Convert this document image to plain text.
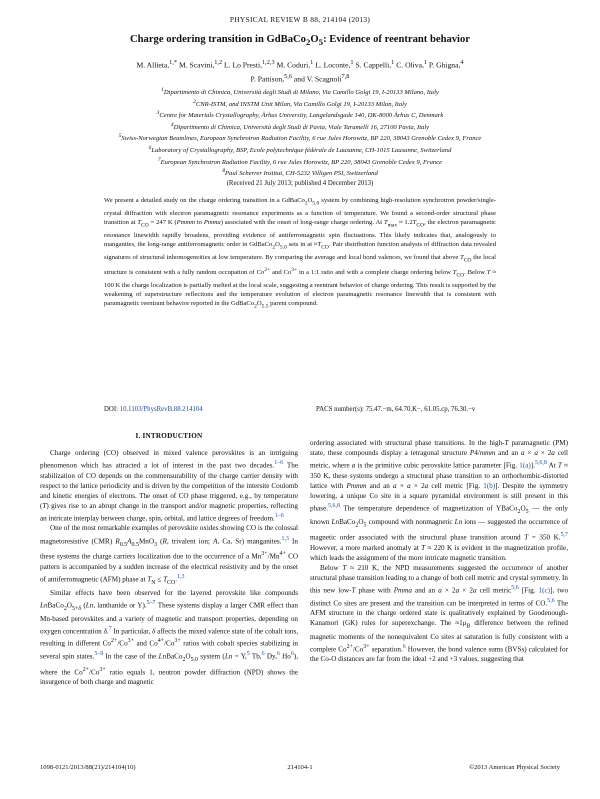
PHYSICAL REVIEW B 88, 214104 (2013)
Charge ordering transition in $GdBaCo_2O_5$: Evidence of reentrant behavior
M. Allieta,$^{1,*}$ M. Scavini,$^{1,2}$ L. Lo Presti,$^{1,2,3}$ M. Coduri,$^1$ L. Loconte,$^1$ S. Cappelli,$^1$ C. Oliva,$^1$ P. Ghigna,$^4$
P. Pattison,$^{5,6}$ and V. Scagnoli$^{7,8}$
$^1$Dipartimento di Chimica, Università degli Studi di Milano, Via Camillo Golgi 19, I-20133 Milano, Italy
$^2$CNR-ISTM, and INSTM Unit Milan, Via Camillo Golgi 19, I-20133 Milan, Italy
$^3$Centre for Materials Crystallography, Århus University, Langelandsgade 140, DK-8000 Århus C, Denmark
$^4$Dipartimento di Chimica, Università degli Studi di Pavia, Viale Taramelli 16, 27100 Pavia, Italy
$^5$Swiss-Norwegian Beamlines, European Synchrotron Radiation Facility, 6 rue Jules Horowitz, BP 220, 38043 Grenoble Cedex 9, France
$^6$Laboratory of Crystallography, BSP, Ecole polytechnique fédérale de Lausanne, CH-1015 Lausanne, Switzerland
$^7$European Synchrotron Radiation Facility, 6 rue Jules Horowitz, BP 220, 38043 Grenoble Cedex 9, France
$^8$Paul Scherrer Institut, CH-5232 Villigen PSI, Switzerland
(Received 21 July 2013; published 4 December 2013)
We present a detailed study on the charge ordering transition in a $GdBaCo_2O_{5.0}$ system by combining high-resolution synchrotron powder/single-crystal diffraction with electron paramagnetic resonance experiments as a function of temperature. We found a second-order structural phase transition at $T_{CO} = 247$ K (Pmmm to Pmma) associated with the onset of long-range charge ordering. At $T_{max} \approx 1.2T_{CO}$, the electron paramagnetic resonance linewidth rapidly broadens, providing evidence of antiferromagnetic spin fluctuations. This likely indicates that, analogously to manganites, the long-range antiferromagnetic order in $GdBaCo_2O_{5.0}$ sets in at $\approx T_{CO}$. Pair distribution function analysis of diffraction data revealed signatures of structural inhomogeneities at low temperature. By comparing the average and local bond valences, we found that above $T_{CO}$ the local structure is consistent with a fully random occupation of $Co^{2+}$ and $Co^{3+}$ in a 1:1 ratio and with a complete charge ordering below $T_{CO}$. Below T ≈ 100 K the charge localization is partially melted at the local scale, suggesting a reentrant behavior of charge ordering. This result is supported by the weakening of superstructure reflections and the temperature evolution of electron paramagnetic resonance linewidth that is consistent with paramagnetic reentrant behavior reported in the $GdBaCo_2O_{5.5}$ parent compound.
DOI: 10.1103/PhysRevB.88.214104	PACS number(s): 75.47.−m, 64.70.K−, 61.05.cp, 76.30.−v
I. INTRODUCTION

Charge ordering (CO) observed in mixed valence perovskites is an intriguing phenomenon which has attracted a lot of interest in the past two decades.$^{1-6}$ The stabilization of CO depends on the commensurability of the charge carrier density with respect to the lattice periodicity and is driven by the competition of the intersite Coulomb and kinetic energies of electrons. The onset of CO phase triggered, e.g., by temperature (T) gives rise to an abrupt change in the transport and/or magnetic properties, reflecting an intricate interplay between charge, spin, orbital, and lattice degrees of freedom.$^{1-6}$

One of the most remarkable examples of perovskite oxides showing CO is the colossal magnetoresistive (CMR) $R_{0.5}A_{0.5}MnO_3$ (R, trivalent ion; A, Ca, Sr) manganites.$^{1,3}$ In these systems the charge carriers localization due to the occurrence of a $Mn^{3+}/Mn^{4+}$ CO pattern is accompanied by a sudden increase of the electrical resistivity and by the onset of antiferromagnetic (AFM) phase at $T_N \le T_{CO}.^{1,3}$

Similar effects have been observed for the layered perovskite like compounds $LnBaCo_2O_{5+\delta}$ (Ln, lanthanide or Y).$^{5-7}$ These systems display a larger CMR effect than Mn-based perovskites and a variety of magnetic and transport properties, depending on oxygen concentration δ.$^7$ In particular, δ affects the mixed valence state of the cobalt ions, resulting in different $Co^{2+}/Co^{3+}$ and $Co^{4+}/Co^{3+}$ ratios with cobalt species stabilizing in several spin states.$^{5-9}$ In the case of the $LnBaCo_2O_{5.0}$ system (Ln = Y,$^5$ Tb,$^6$ Dy,$^6$ Ho$^6$), where the $Co^{2+}/Co^{3+}$ ratio equals 1, neutron powder diffraction (NPD) shows the insurgence of both charge and magnetic

ordering associated with structural phase transitions. In the high-T paramagnetic (PM) state, these compounds display a tetragonal structure P4/mmm and an a × a × 2a cell metric, where a is the primitive cubic perovskite lattice parameter [Fig. 1(a)].$^{5,6,8}$ At T ≈ 350 K, these systems undergo a structural phase transition to an orthorhombic-distorted lattice with Pmmm and an a × a × 2a cell metric [Fig. 1(b)]. Despite the symmetry lowering, a unique Co site in a square pyramidal environment is still present in this phase.$^{5,6,8}$ The temperature dependence of magnetization of $YBaCo_2O_5$ — the only known $LnBaCo_2O_5$ compound with nonmagnetic Ln ions — suggested the occurrence of magnetic order associated with the structural phase transition around T = 350 K.$^{5,7}$ However, a more marked anomaly at T ≈ 220 K is evident in the magnetization profile, which leads the assignment of the more intricate magnetic transition.

Below T ≈ 210 K, the NPD measurements suggested the occurrence of another structural phase transition leading to a change of both cell metric and crystal symmetry. In this new low-T phase with Pmma and an a × 2a × 2a cell metric$^{5,6}$ [Fig. 1(c)], two distinct Co sites are present and the transition can be interpreted in terms of CO.$^{5,6}$ The AFM structure in the charge ordered state is qualitatively explained by Goodenough-Kanamori (GK) rules for superexchange. The $\approx 1\mu_B$ difference between the refined magnetic moments of the nonequivalent Co sites at saturation is fully consistent with a complete $Co^{2+}/Co^{3+}$ separation.$^6$ However, the bond valence sums (BVSs) calculated for the Co-O distances are far from the ideal +2 and +3 values, suggesting that

1098-0121/2013/88(21)/214104(10)	214104-1	©2013 American Physical Society
